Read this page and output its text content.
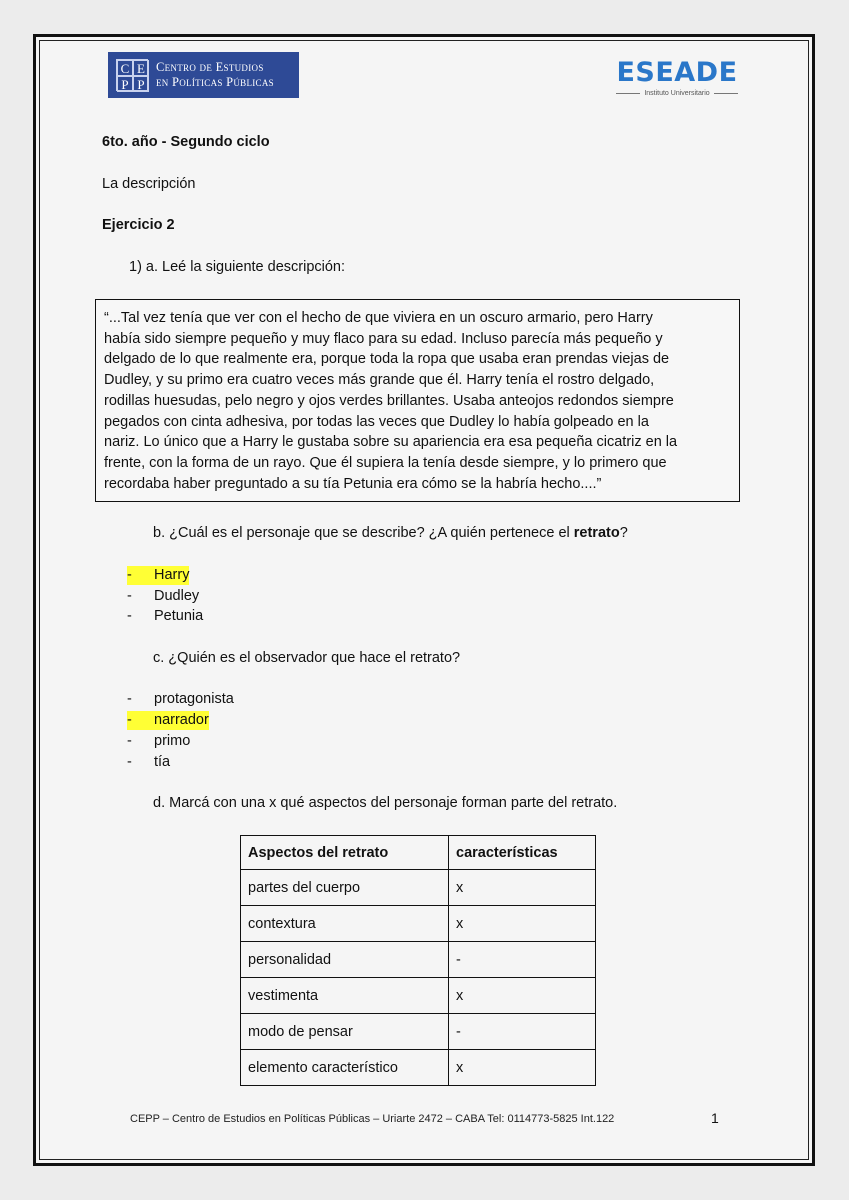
C E
P P
Centro de Estudios
en Políticas Públicas	ESEADE
Instituto Universitario
6to. año - Segundo ciclo
La descripción
Ejercicio 2
1) a. Leé la siguiente descripción:

“...Tal vez tenía que ver con el hecho de que viviera en un oscuro armario, pero Harry

había sido siempre pequeño y muy flaco para su edad. Incluso parecía más pequeño y

delgado de lo que realmente era, porque toda la ropa que usaba eran prendas viejas de

Dudley, y su primo era cuatro veces más grande que él. Harry tenía el rostro delgado,

rodillas huesudas, pelo negro y ojos verdes brillantes. Usaba anteojos redondos siempre

pegados con cinta adhesiva, por todas las veces que Dudley lo había golpeado en la

nariz. Lo único que a Harry le gustaba sobre su apariencia era esa pequeña cicatriz en la

frente, con la forma de un rayo. Que él supiera la tenía desde siempre, y lo primero que

recordaba haber preguntado a su tía Petunia era cómo se la habría hecho....”

b. ¿Cuál es el personaje que se describe? ¿A quién pertenece el retrato?
-	Harry
-	Dudley
-	Petunia
c. ¿Quién es el observador que hace el retrato?
-	protagonista
-	narrador
-	primo
-	tía
d. Marcá con una x qué aspectos del personaje forman parte del retrato.
Aspectos del retrato	características
partes del cuerpo	x
contextura	x
personalidad	-
vestimenta	x
modo de pensar	-
elemento característico	x
CEPP – Centro de Estudios en Políticas Públicas – Uriarte 2472 – CABA Tel: 0114773-5825 Int.122	1
